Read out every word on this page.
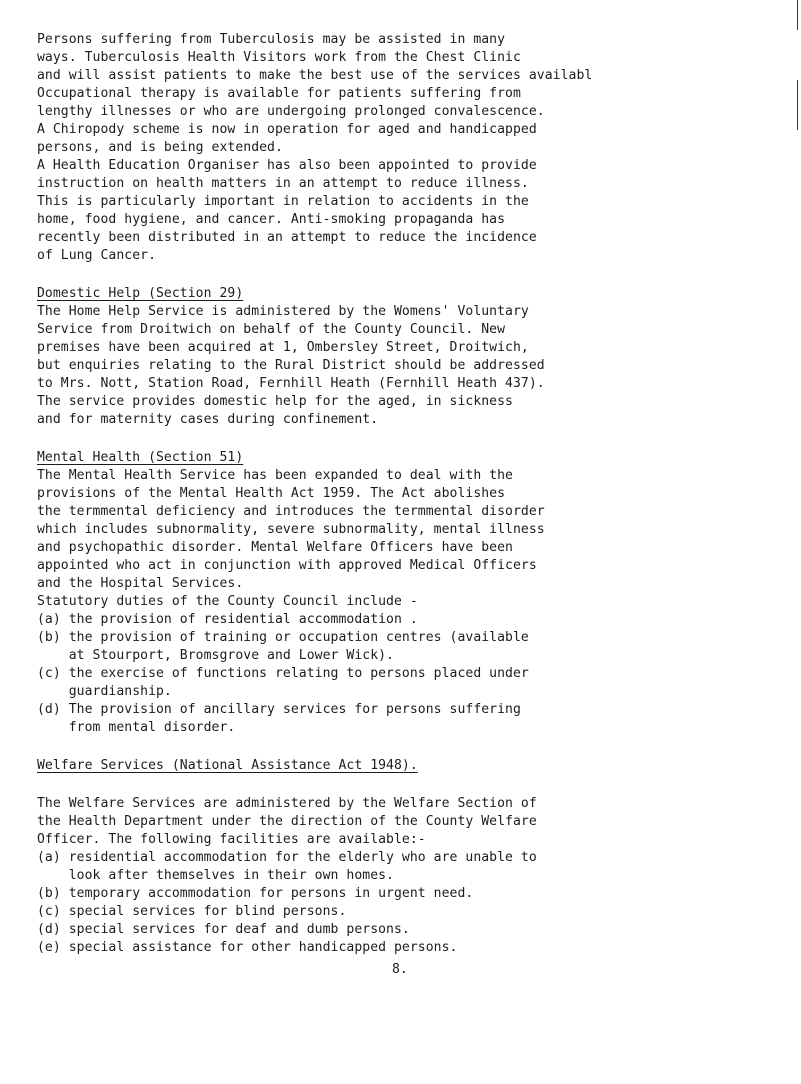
Persons suffering from Tuberculosis may be assisted in many
ways. Tuberculosis Health Visitors work from the Chest Clinic
and will assist patients to make the best use of the services availabl
Occupational therapy is available for patients suffering from
lengthy illnesses or who are undergoing prolonged convalescence.
A Chiropody scheme is now in operation for aged and handicapped
persons, and is being extended.
A Health Education Organiser has also been appointed to provide
instruction on health matters in an attempt to reduce illness.
This is particularly important in relation to accidents in the
home, food hygiene, and cancer. Anti-smoking propaganda has
recently been distributed in an attempt to reduce the incidence
of Lung Cancer.
Domestic Help (Section 29)
The Home Help Service is administered by the Womens' Voluntary
Service from Droitwich on behalf of the County Council. New
premises have been acquired at 1, Ombersley Street, Droitwich,
but enquiries relating to the Rural District should be addressed
to Mrs. Nott, Station Road, Fernhill Heath (Fernhill Heath 437).
The service provides domestic help for the aged, in sickness
and for maternity cases during confinement.
Mental Health (Section 51)
The Mental Health Service has been expanded to deal with the
provisions of the Mental Health Act 1959. The Act abolishes
the termmental deficiency and introduces the termmental disorder
which includes subnormality, severe subnormality, mental illness
and psychopathic disorder. Mental Welfare Officers have been
appointed who act in conjunction with approved Medical Officers
and the Hospital Services.
Statutory duties of the County Council include -
(a) the provision of residential accommodation .
(b) the provision of training or occupation centres (available
at Stourport, Bromsgrove and Lower Wick).
(c) the exercise of functions relating to persons placed under
guardianship.
(d) The provision of ancillary services for persons suffering
from mental disorder.
Welfare Services (National Assistance Act 1948).
The Welfare Services are administered by the Welfare Section of
the Health Department under the direction of the County Welfare
Officer. The following facilities are available:-
(a) residential accommodation for the elderly who are unable to
look after themselves in their own homes.
(b) temporary accommodation for persons in urgent need.
(c) special services for blind persons.
(d) special services for deaf and dumb persons.
(e) special assistance for other handicapped persons.
8.
